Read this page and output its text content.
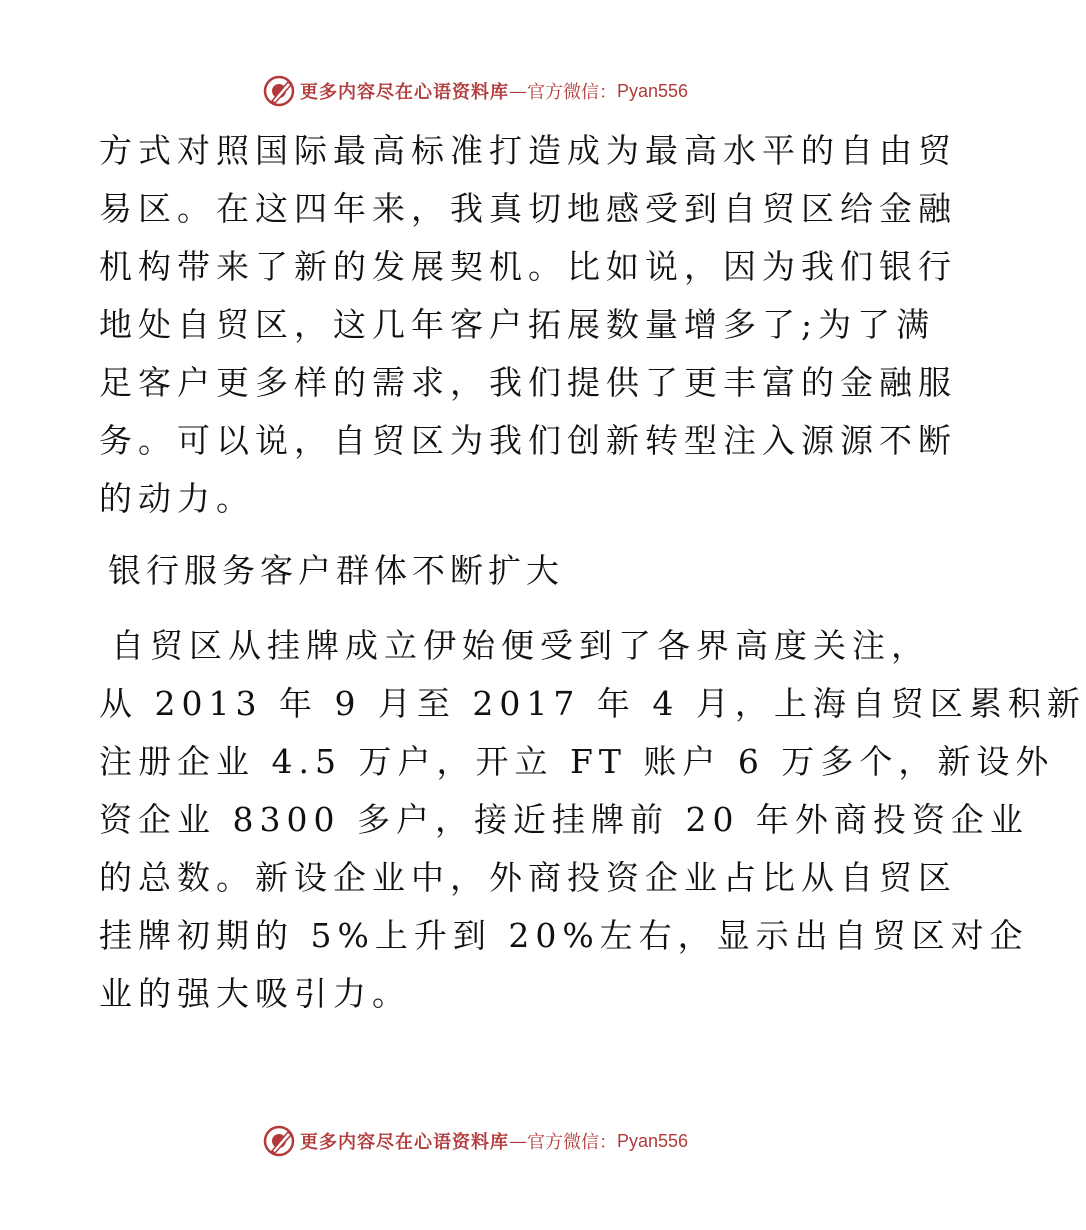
更多内容尽在心语资料库 — 官方微信： Pyan556

方式对照国际最高标准打造成为最高水平的自由贸

易区。在这四年来，我真切地感受到自贸区给金融

机构带来了新的发展契机。比如说，因为我们银行

地处自贸区，这几年客户拓展数量增多了;为了满

足客户更多样的需求，我们提供了更丰富的金融服

务。可以说，自贸区为我们创新转型注入源源不断

的动力。

银行服务客户群体不断扩大

自贸区从挂牌成立伊始便受到了各界高度关注，

从 2013 年 9 月至 2017 年 4 月，上海自贸区累积新

注册企业 4.5 万户，开立 FT 账户 6 万多个，新设外

资企业 8300 多户，接近挂牌前 20 年外商投资企业

的总数。新设企业中，外商投资企业占比从自贸区

挂牌初期的 5%上升到 20%左右，显示出自贸区对企

业的强大吸引力。

更多内容尽在心语资料库 — 官方微信： Pyan556
